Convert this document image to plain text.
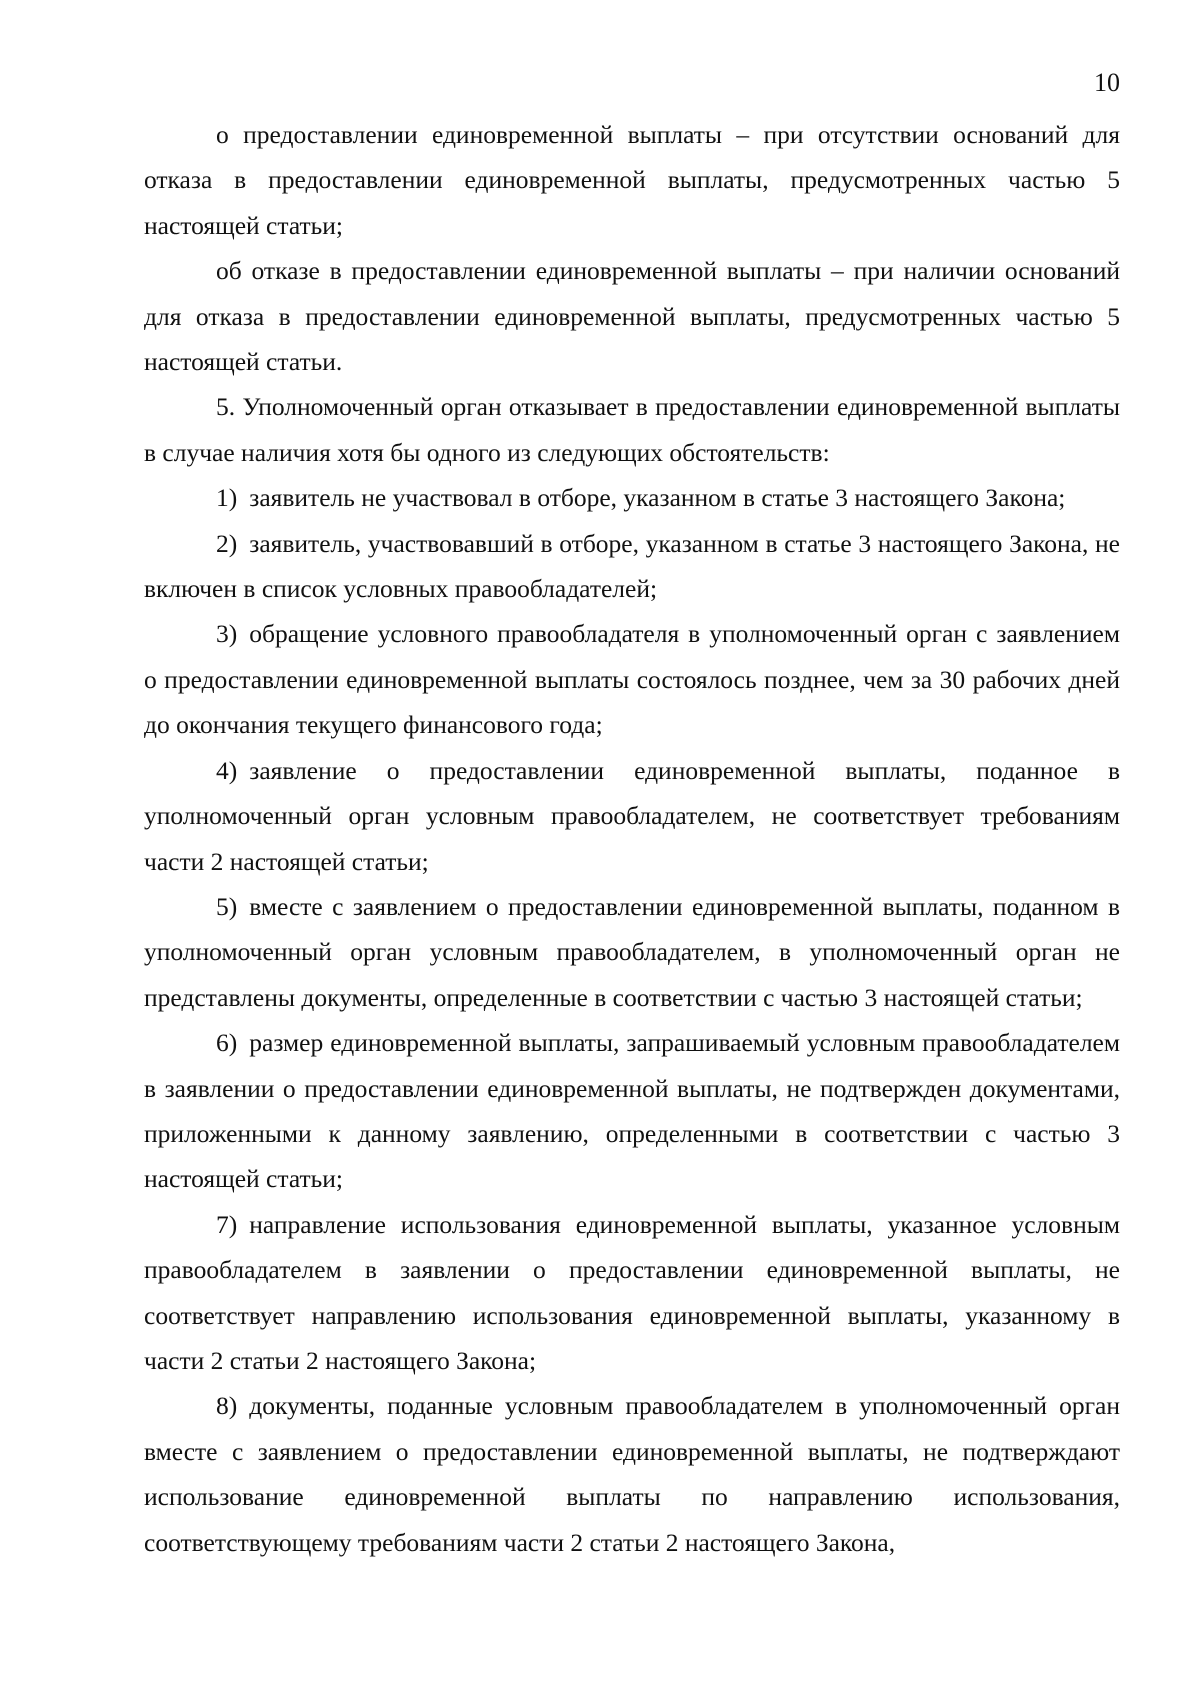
10

о предоставлении единовременной выплаты – при отсутствии оснований для отказа в предоставлении единовременной выплаты, предусмотренных частью 5 настоящей статьи;

об отказе в предоставлении единовременной выплаты – при наличии оснований для отказа в предоставлении единовременной выплаты, предусмотренных частью 5 настоящей статьи.

5. Уполномоченный орган отказывает в предоставлении единовременной выплаты в случае наличия хотя бы одного из следующих обстоятельств:

1) заявитель не участвовал в отборе, указанном в статье 3 настоящего Закона;

2) заявитель, участвовавший в отборе, указанном в статье 3 настоящего Закона, не включен в список условных правообладателей;

3) обращение условного правообладателя в уполномоченный орган с заявлением о предоставлении единовременной выплаты состоялось позднее, чем за 30 рабочих дней до окончания текущего финансового года;

4) заявление о предоставлении единовременной выплаты, поданное в уполномоченный орган условным правообладателем, не соответствует требованиям части 2 настоящей статьи;

5) вместе с заявлением о предоставлении единовременной выплаты, поданном в уполномоченный орган условным правообладателем, в уполномоченный орган не представлены документы, определенные в соответствии с частью 3 настоящей статьи;

6) размер единовременной выплаты, запрашиваемый условным правообладателем в заявлении о предоставлении единовременной выплаты, не подтвержден документами, приложенными к данному заявлению, определенными в соответствии с частью 3 настоящей статьи;

7) направление использования единовременной выплаты, указанное условным правообладателем в заявлении о предоставлении единовременной выплаты, не соответствует направлению использования единовременной выплаты, указанному в части 2 статьи 2 настоящего Закона;

8) документы, поданные условным правообладателем в уполномоченный орган вместе с заявлением о предоставлении единовременной выплаты, не подтверждают использование единовременной выплаты по направлению использования, соответствующему требованиям части 2 статьи 2 настоящего Закона,
